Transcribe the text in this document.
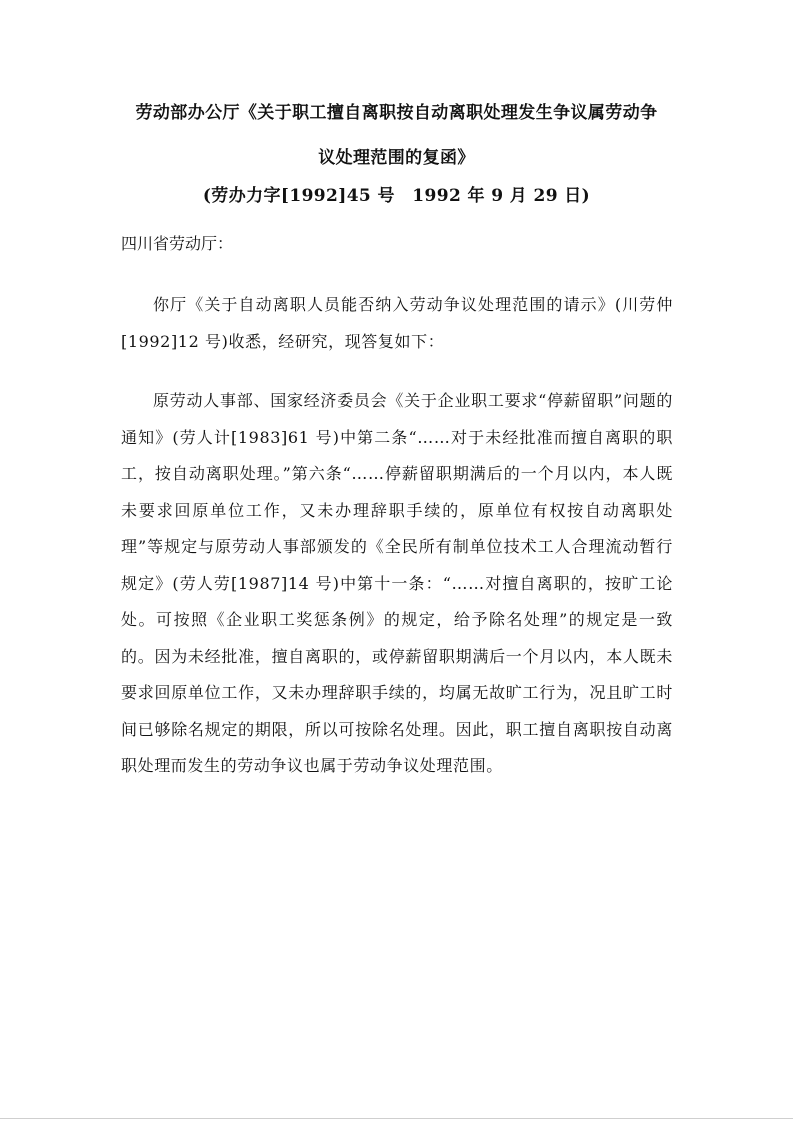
劳动部办公厅《关于职工擅自离职按自动离职处理发生争议属劳动争
议处理范围的复函》
(劳办力字[1992]45 号　1992 年 9 月 29 日)
四川省劳动厅：
你厅《关于自动离职人员能否纳入劳动争议处理范围的请示》(川劳仲[1992]12 号)收悉，经研究，现答复如下：
原劳动人事部、国家经济委员会《关于企业职工要求“停薪留职”问题的通知》(劳人计[1983]61 号)中第二条“……对于未经批准而擅自离职的职工，按自动离职处理。”第六条“……停薪留职期满后的一个月以内，本人既未要求回原单位工作，又未办理辞职手续的，原单位有权按自动离职处理”等规定与原劳动人事部颁发的《全民所有制单位技术工人合理流动暂行规定》(劳人劳[1987]14 号)中第十一条：“……对擅自离职的，按旷工论处。可按照《企业职工奖惩条例》的规定，给予除名处理”的规定是一致的。因为未经批准，擅自离职的，或停薪留职期满后一个月以内，本人既未要求回原单位工作，又未办理辞职手续的，均属无故旷工行为，况且旷工时间已够除名规定的期限，所以可按除名处理。因此，职工擅自离职按自动离职处理而发生的劳动争议也属于劳动争议处理范围。
